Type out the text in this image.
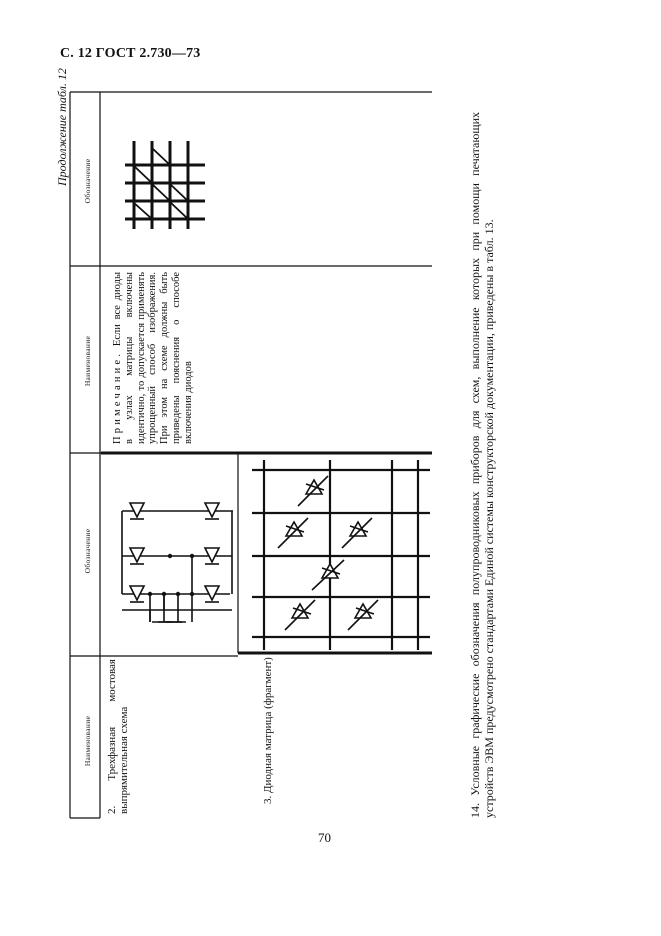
С. 12 ГОСТ 2.730—73
Продолжение табл. 12
Наименование
Обозначение
2. Трехфазная мостовая выпрямительная схема	3. Диодная матрица (фрагмент)
Наименование
Обозначение
Примечание. Если все диоды в узлах матрицы включены идентично, то допускается применять упрощенный способ изображения. При этом на схеме должны быть приведены пояснения о способе включения диодов	14. Условные графические обозначения полупроводниковых приборов для схем, выполнение которых при помощи печатающих устройств ЭВМ предусмотрено стандартами Единой системы конструкторской документации, приведены в табл. 13.
70
